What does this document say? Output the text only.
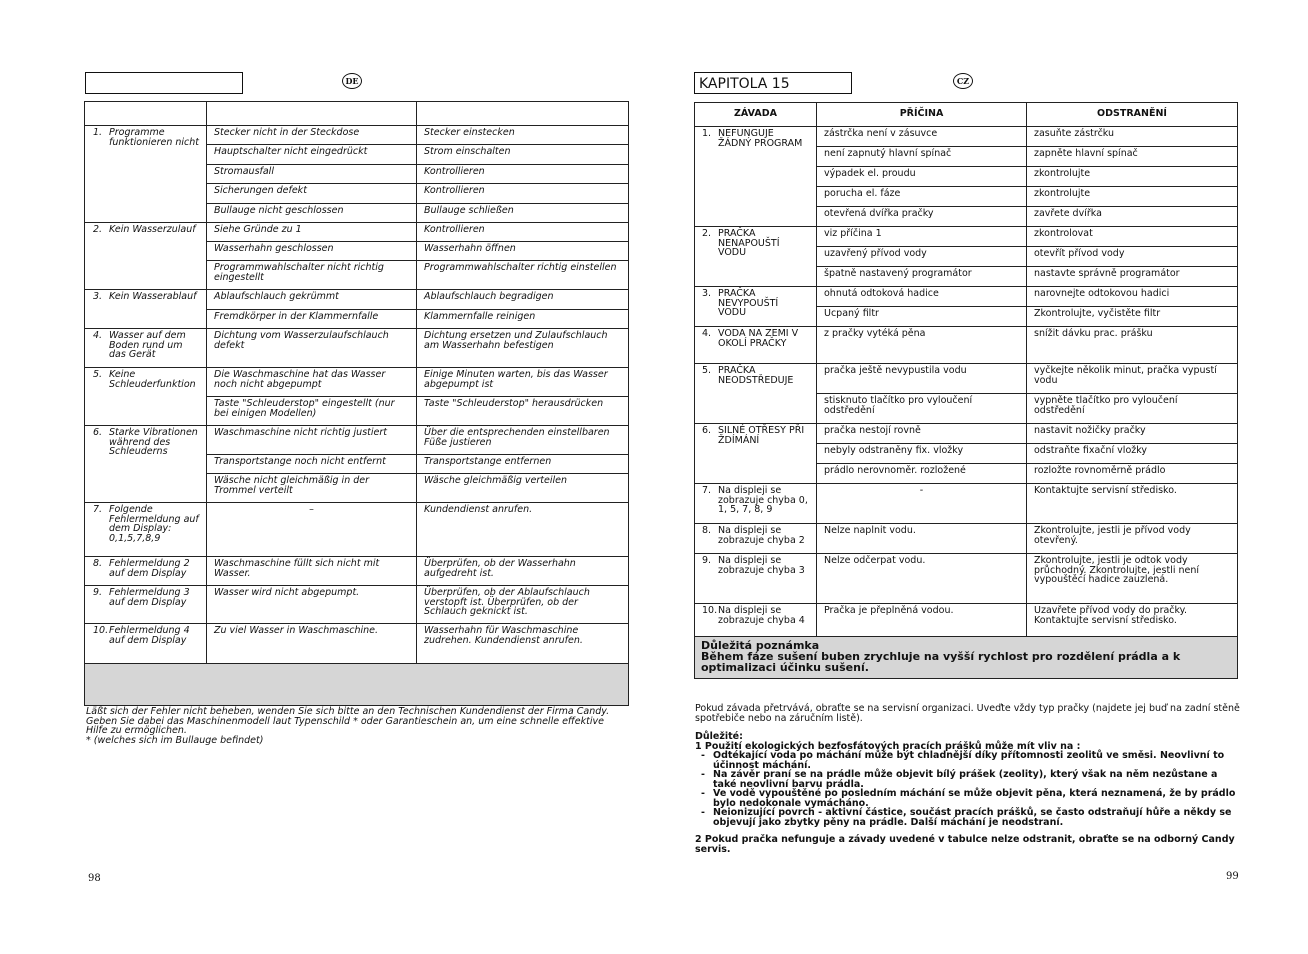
DE

1. Programme funktionieren nicht	Stecker nicht in der Steckdose	Stecker einstecken
	Hauptschalter nicht eingedrückt	Strom einschalten
	Stromausfall	Kontrollieren
	Sicherungen defekt	Kontrollieren
	Bullauge nicht geschlossen	Bullauge schließen

2. Kein Wasserzulauf	Siehe Gründe zu 1	Kontrollieren
	Wasserhahn geschlossen	Wasserhahn öffnen
	Programmwahlschalter nicht richtig eingestellt	Programmwahlschalter richtig einstellen

3. Kein Wasserablauf	Ablaufschlauch gekrümmt	Ablaufschlauch begradigen
	Fremdkörper in der Klammernfalle	Klammernfalle reinigen

4. Wasser auf dem Boden rund um das Gerät	Dichtung vom Wasserzulaufschlauch defekt	Dichtung ersetzen und Zulaufschlauch am Wasserhahn befestigen

5. Keine Schleuderfunktion	Die Waschmaschine hat das Wasser noch nicht abgepumpt	Einige Minuten warten, bis das Wasser abgepumpt ist
	Taste "Schleuderstop" eingestellt (nur bei einigen Modellen)	Taste "Schleuderstop" herausdrücken

6. Starke Vibrationen während des Schleuderns	Waschmaschine nicht richtig justiert	Über die entsprechenden einstellbaren Füße justieren
	Transportstange noch nicht entfernt	Transportstange entfernen
	Wäsche nicht gleichmäßig in der Trommel verteilt	Wäsche gleichmäßig verteilen

7. Folgende Fehlermeldung auf dem Display: 0,1,5,7,8,9	–	Kundendienst anrufen.

8. Fehlermeldung 2 auf dem Display	Waschmaschine füllt sich nicht mit Wasser.	Überprüfen, ob der Wasserhahn aufgedreht ist.

9. Fehlermeldung 3 auf dem Display	Wasser wird nicht abgepumpt.	Überprüfen, ob der Ablaufschlauch verstopft ist. Überprüfen, ob der Schlauch geknickt ist.

10. Fehlermeldung 4 auf dem Display	Zu viel Wasser in Waschmaschine.	Wasserhahn für Waschmaschine zudrehen. Kundendienst anrufen.

Läßt sich der Fehler nicht beheben, wenden Sie sich bitte an den Technischen Kundendienst der Firma Candy. Geben Sie dabei das Maschinenmodell laut Typenschild * oder Garantieschein an, um eine schnelle effektive Hilfe zu ermöglichen.
* (welches sich im Bullauge befindet)
98
KAPITOLA 15	CZ
ZÁVADA	PŘÍČINA	ODSTRANĚNÍ

1. NEFUNGUJE ŽÁDNÝ PROGRAM	zástrčka není v zásuvce	zasuňte zástrčku
	není zapnutý hlavní spínač	zapněte hlavní spínač
	výpadek el. proudu	zkontrolujte
	porucha el. fáze	zkontrolujte
	otevřená dvířka pračky	zavřete dvířka

2. PRAČKA NENAPOUŠTÍ VODU	viz příčina 1	zkontrolovat
	uzavřený přívod vody	otevřít přívod vody
	špatně nastavený programátor	nastavte správně programátor

3. PRAČKA NEVYPOUŠTÍ VODU	ohnutá odtoková hadice	narovnejte odtokovou hadici
	Ucpaný filtr	Zkontrolujte, vyčistěte filtr

4. VODA NA ZEMI V OKOLÍ PRAČKY	z pračky vytéká pěna	snížit dávku prac. prášku

5. PRAČKA NEODSTŘEDUJE	pračka ještě nevypustila vodu	vyčkejte několik minut, pračka vypustí vodu
	stisknuto tlačítko pro vyloučení odstředění	vypněte tlačítko pro vyloučení odstředění

6. SILNÉ OTŘESY PŘI ŽDÍMÁNÍ	pračka nestojí rovně	nastavit nožičky pračky
	nebyly odstraněny fix. vložky	odstraňte fixační vložky
	prádlo nerovnoměr. rozložené	rozložte rovnoměrně prádlo

7. Na displeji se zobrazuje chyba 0, 1, 5, 7, 8, 9	-	Kontaktujte servisní středisko.

8. Na displeji se zobrazuje chyba 2	Nelze naplnit vodu.	Zkontrolujte, jestli je přívod vody otevřený.

9. Na displeji se zobrazuje chyba 3	Nelze odčerpat vodu.	Zkontrolujte, jestli je odtok vody průchodný. Zkontrolujte, jestli není vypouštěcí hadice zauzlená.

10. Na displeji se zobrazuje chyba 4	Pračka je přeplněná vodou.	Uzavřete přívod vody do pračky. Kontaktujte servisní středisko.

Důležitá poznámka
Během fáze sušení buben zrychluje na vyšší rychlost pro rozdělení prádla a k optimalizaci účinku sušení.		
Pokud závada přetrvává, obraťte se na servisní organizaci. Uveďte vždy typ pračky (najdete jej buď na zadní stěně spotřebiče nebo na záručním listě).
Důležité:
1 Použití ekologických bezfosfátových pracích prášků může mít vliv na :
- Odtékající voda po máchání může být chladnější díky přítomnosti zeolitů ve směsi. Neovlivní to účinnost máchání.
- Na závěr praní se na prádle může objevit bílý prášek (zeolity), který však na něm nezůstane a také neovlivní barvu prádla.
- Ve vodě vypouštěné po posledním máchání se může objevit pěna, která neznamená, že by prádlo bylo nedokonale vymácháno.
- Neionizující povrch - aktivní částice, součást pracích prášků, se často odstraňují hůře a někdy se objevují jako zbytky pěny na prádle. Další máchání je neodstraní.
2 Pokud pračka nefunguje a závady uvedené v tabulce nelze odstranit, obraťte se na odborný Candy servis.
99
